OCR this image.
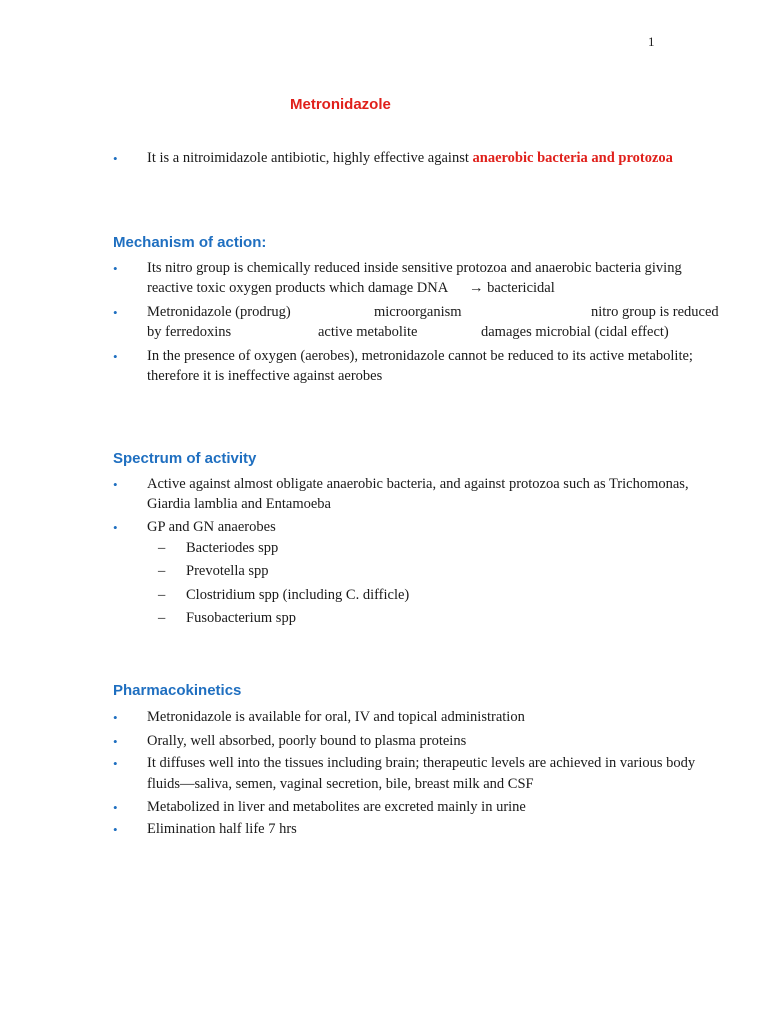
1
Metronidazole
• It is a nitroimidazole antibiotic, highly effective against anaerobic bacteria and protozoa
Mechanism of action:
• Its nitro group is chemically reduced inside sensitive protozoa and anaerobic bacteria giving
reactive toxic oxygen products which damage DNA → bactericidal
• Metronidazole (prodrug)	microorganism	nitro group is reduced
by ferredoxins	active metabolite	damages microbial (cidal effect)
• In the presence of oxygen (aerobes), metronidazole cannot be reduced to its active metabolite;
therefore it is ineffective against aerobes
Spectrum of activity
• Active against almost obligate anaerobic bacteria, and against protozoa such as Trichomonas,
Giardia lamblia and Entamoeba
• GP and GN anaerobes
– Bacteriodes spp
– Prevotella spp
– Clostridium spp (including C. difficle)
– Fusobacterium spp
Pharmacokinetics
• Metronidazole is available for oral, IV and topical administration
• Orally, well absorbed, poorly bound to plasma proteins
• It diffuses well into the tissues including brain; therapeutic levels are achieved in various body
fluids—saliva, semen, vaginal secretion, bile, breast milk and CSF
• Metabolized in liver and metabolites are excreted mainly in urine
• Elimination half life 7 hrs
